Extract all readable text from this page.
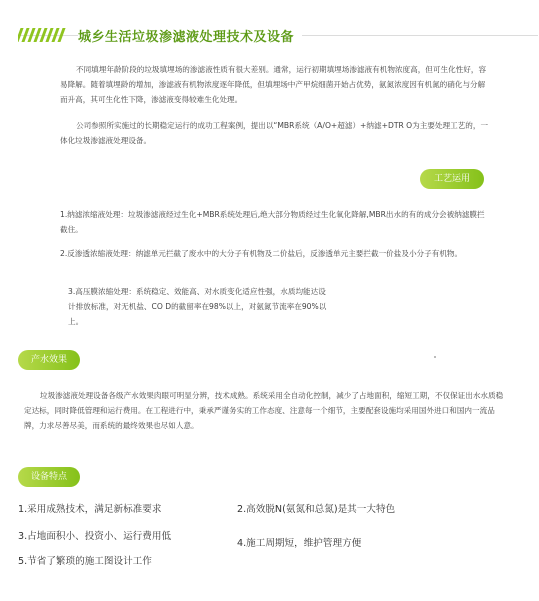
城乡生活垃圾渗滤液处理技术及设备
不同填埋年龄阶段的垃圾填埋场的渗滤液性质有很大差别。通常，运行初期填埋场渗滤液有机物浓度高，但可生化性好，容易降解。随着填埋龄的增加，渗滤液有机物浓度逐年降低，但填埋场中产甲烷细菌开始占优势，氨氮浓度因有机氮的硝化与分解而升高，其可生化性下降，渗滤液变得较难生化处理。
公司参照所实施过的长期稳定运行的成功工程案例，提出以“MBR系统（A/O+超滤）+纳滤+DTR O为主要处理工艺的，一体化垃圾渗滤液处理设备。
工艺运用
1.纳滤浓缩液处理：垃圾渗滤液经过生化+MBR系统处理后,绝大部分物质经过生化氧化降解,MBR出水的有的成分会被纳滤膜拦截住。
2.反渗透浓缩液处理：纳滤单元拦截了废水中的大分子有机物及二价盐后，反渗透单元主要拦截一价盐及小分子有机物。
3.高压膜浓缩处理：系统稳定、效能高、对水质变化适应性强，水质均能达设计排放标准，对无机盐、CO D的截留率在98%以上，对氨氮节流率在90%以上。
产水效果
垃圾渗滤液处理设备各级产水效果肉眼可明显分辨，技术成熟。系统采用全自动化控制，减少了占地面积，缩短工期，不仅保证出水水质稳定达标，同时降低管理和运行费用。在工程进行中，秉承严谨务实的工作态度、注意每一个细节，主要配套设施均采用国外进口和国内一流品牌，力求尽善尽美，而系统的最终效果也尽如人意。
设备特点
1.采用成熟技术，满足新标准要求	2.高效脱N(氨氮和总氮)是其一大特色
3.占地面积小、投资小、运行费用低
4.施工周期短，维护管理方便
5.节省了繁琐的施工图设计工作
